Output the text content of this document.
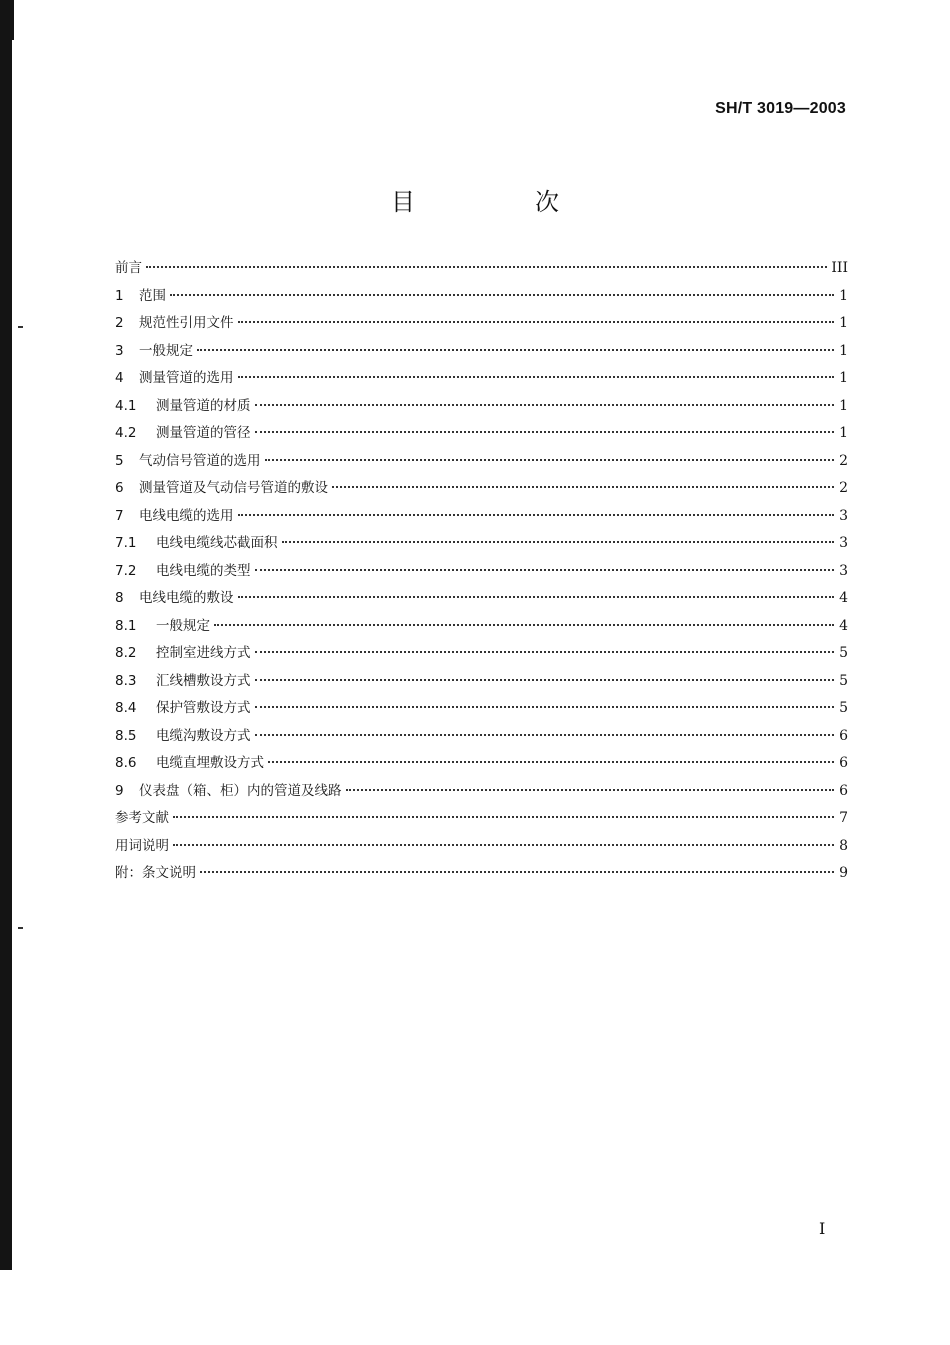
SH/T 3019—2003
目　次
前言	III
1	范围	1
2	规范性引用文件	1
3	一般规定	1
4	测量管道的选用	1
4.1	测量管道的材质	1
4.2	测量管道的管径	1
5	气动信号管道的选用	2
6	测量管道及气动信号管道的敷设	2
7	电线电缆的选用	3
7.1	电线电缆线芯截面积	3
7.2	电线电缆的类型	3
8	电线电缆的敷设	4
8.1	一般规定	4
8.2	控制室进线方式	5
8.3	汇线槽敷设方式	5
8.4	保护管敷设方式	5
8.5	电缆沟敷设方式	6
8.6	电缆直埋敷设方式	6
9	仪表盘（箱、柜）内的管道及线路	6
参考文献	7
用词说明	8
附：条文说明	9
I
